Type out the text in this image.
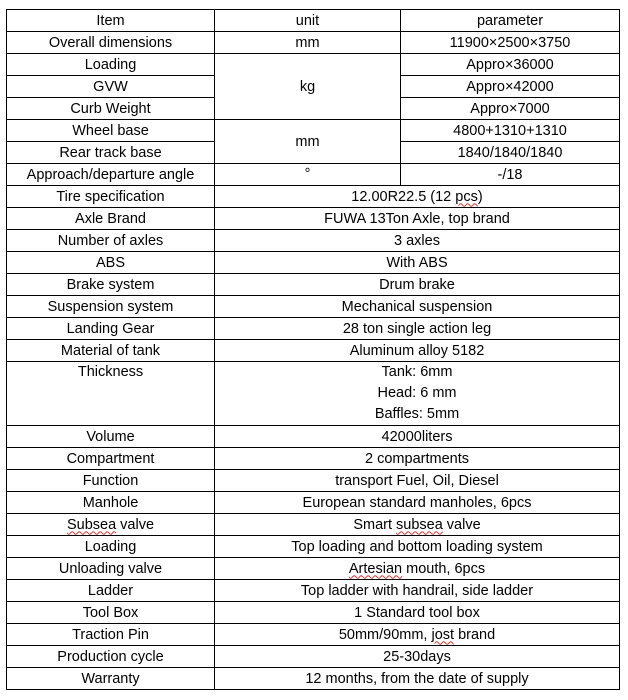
Item	unit	parameter
Overall dimensions	mm	11900×2500×3750
Loading	kg	Appro×36000
GVW		Appro×42000
Curb Weight		Appro×7000
Wheel base	mm	4800+1310+1310
Rear track base		1840/1840/1840
Approach/departure angle	°	-/18
Tire specification	12.00R22.5 (12 pcs)	
Axle Brand	FUWA 13Ton Axle, top brand	
Number of axles	3 axles	
ABS	With ABS	
Brake system	Drum brake	
Suspension system	Mechanical suspension	
Landing Gear	28 ton single action leg	
Material of tank	Aluminum alloy 5182	
Thickness	Tank: 6mm
Head: 6 mm
Baffles: 5mm	

Volume	42000liters	
Compartment	2 compartments	
Function	transport Fuel, Oil, Diesel	
Manhole	European standard manholes, 6pcs	
Subsea valve	Smart subsea valve	
Loading	Top loading and bottom loading system	
Unloading valve	Artesian mouth, 6pcs	
Ladder	Top ladder with handrail, side ladder	
Tool Box	1 Standard tool box	
Traction Pin	50mm/90mm, jost brand	
Production cycle	25-30days	
Warranty	12 months, from the date of supply	
